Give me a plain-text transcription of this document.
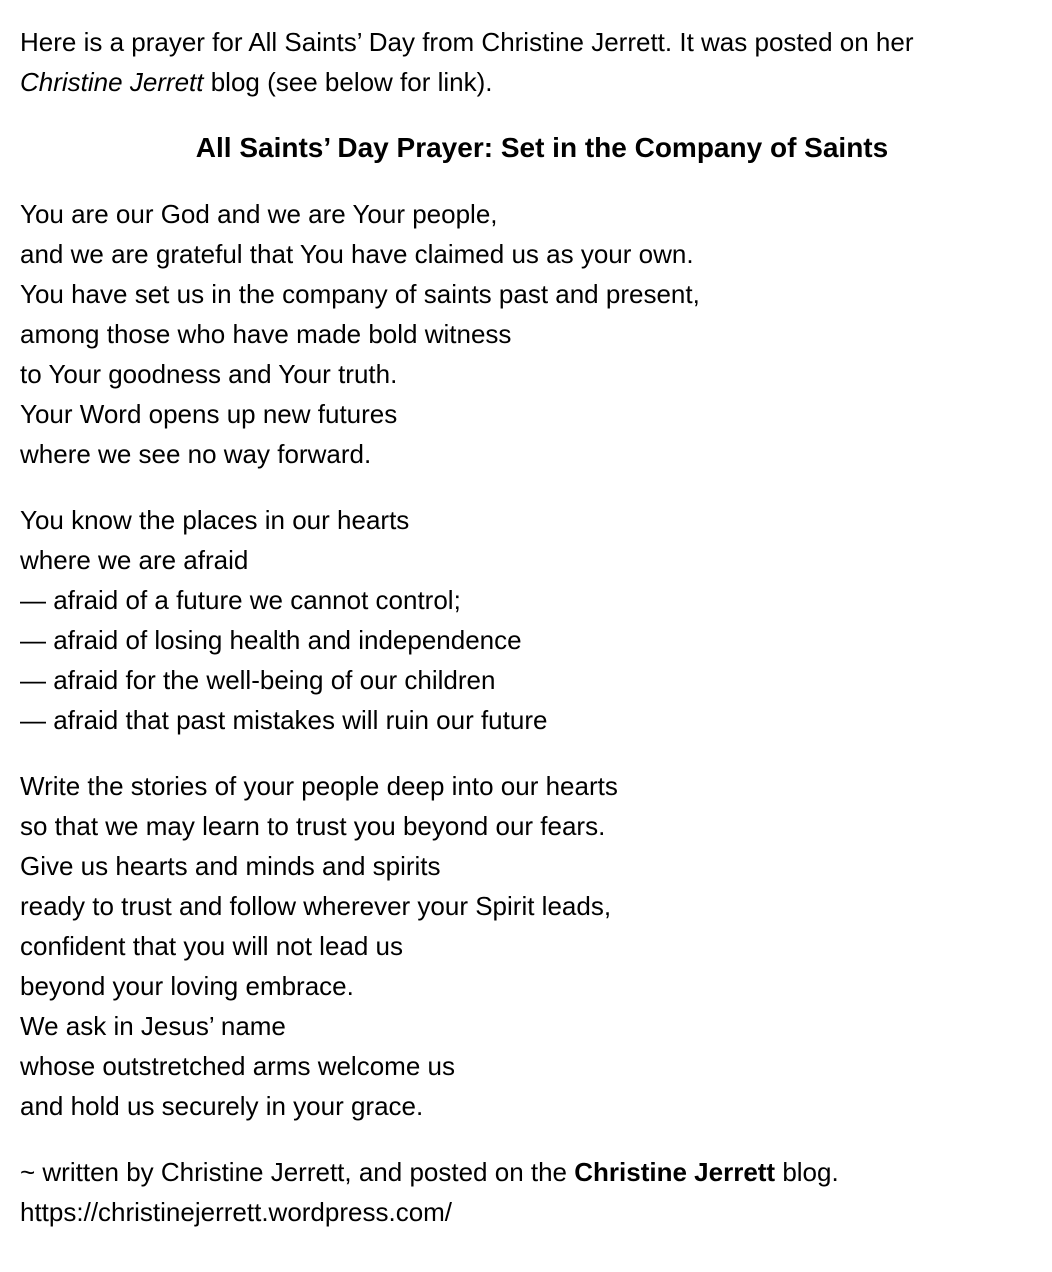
Here is a prayer for All Saints’ Day from Christine Jerrett. It was posted on her
Christine Jerrett blog (see below for link).

All Saints’ Day Prayer: Set in the Company of Saints
You are our God and we are Your people,
and we are grateful that You have claimed us as your own.
You have set us in the company of saints past and present,
among those who have made bold witness
to Your goodness and Your truth.
Your Word opens up new futures
where we see no way forward.
You know the places in our hearts
where we are afraid
— afraid of a future we cannot control;
— afraid of losing health and independence
— afraid for the well-being of our children
— afraid that past mistakes will ruin our future
Write the stories of your people deep into our hearts
so that we may learn to trust you beyond our fears.
Give us hearts and minds and spirits
ready to trust and follow wherever your Spirit leads,
confident that you will not lead us
beyond your loving embrace.
We ask in Jesus’ name
whose outstretched arms welcome us
and hold us securely in your grace.
~ written by Christine Jerrett, and posted on the Christine Jerrett blog.
https://christinejerrett.wordpress.com/
